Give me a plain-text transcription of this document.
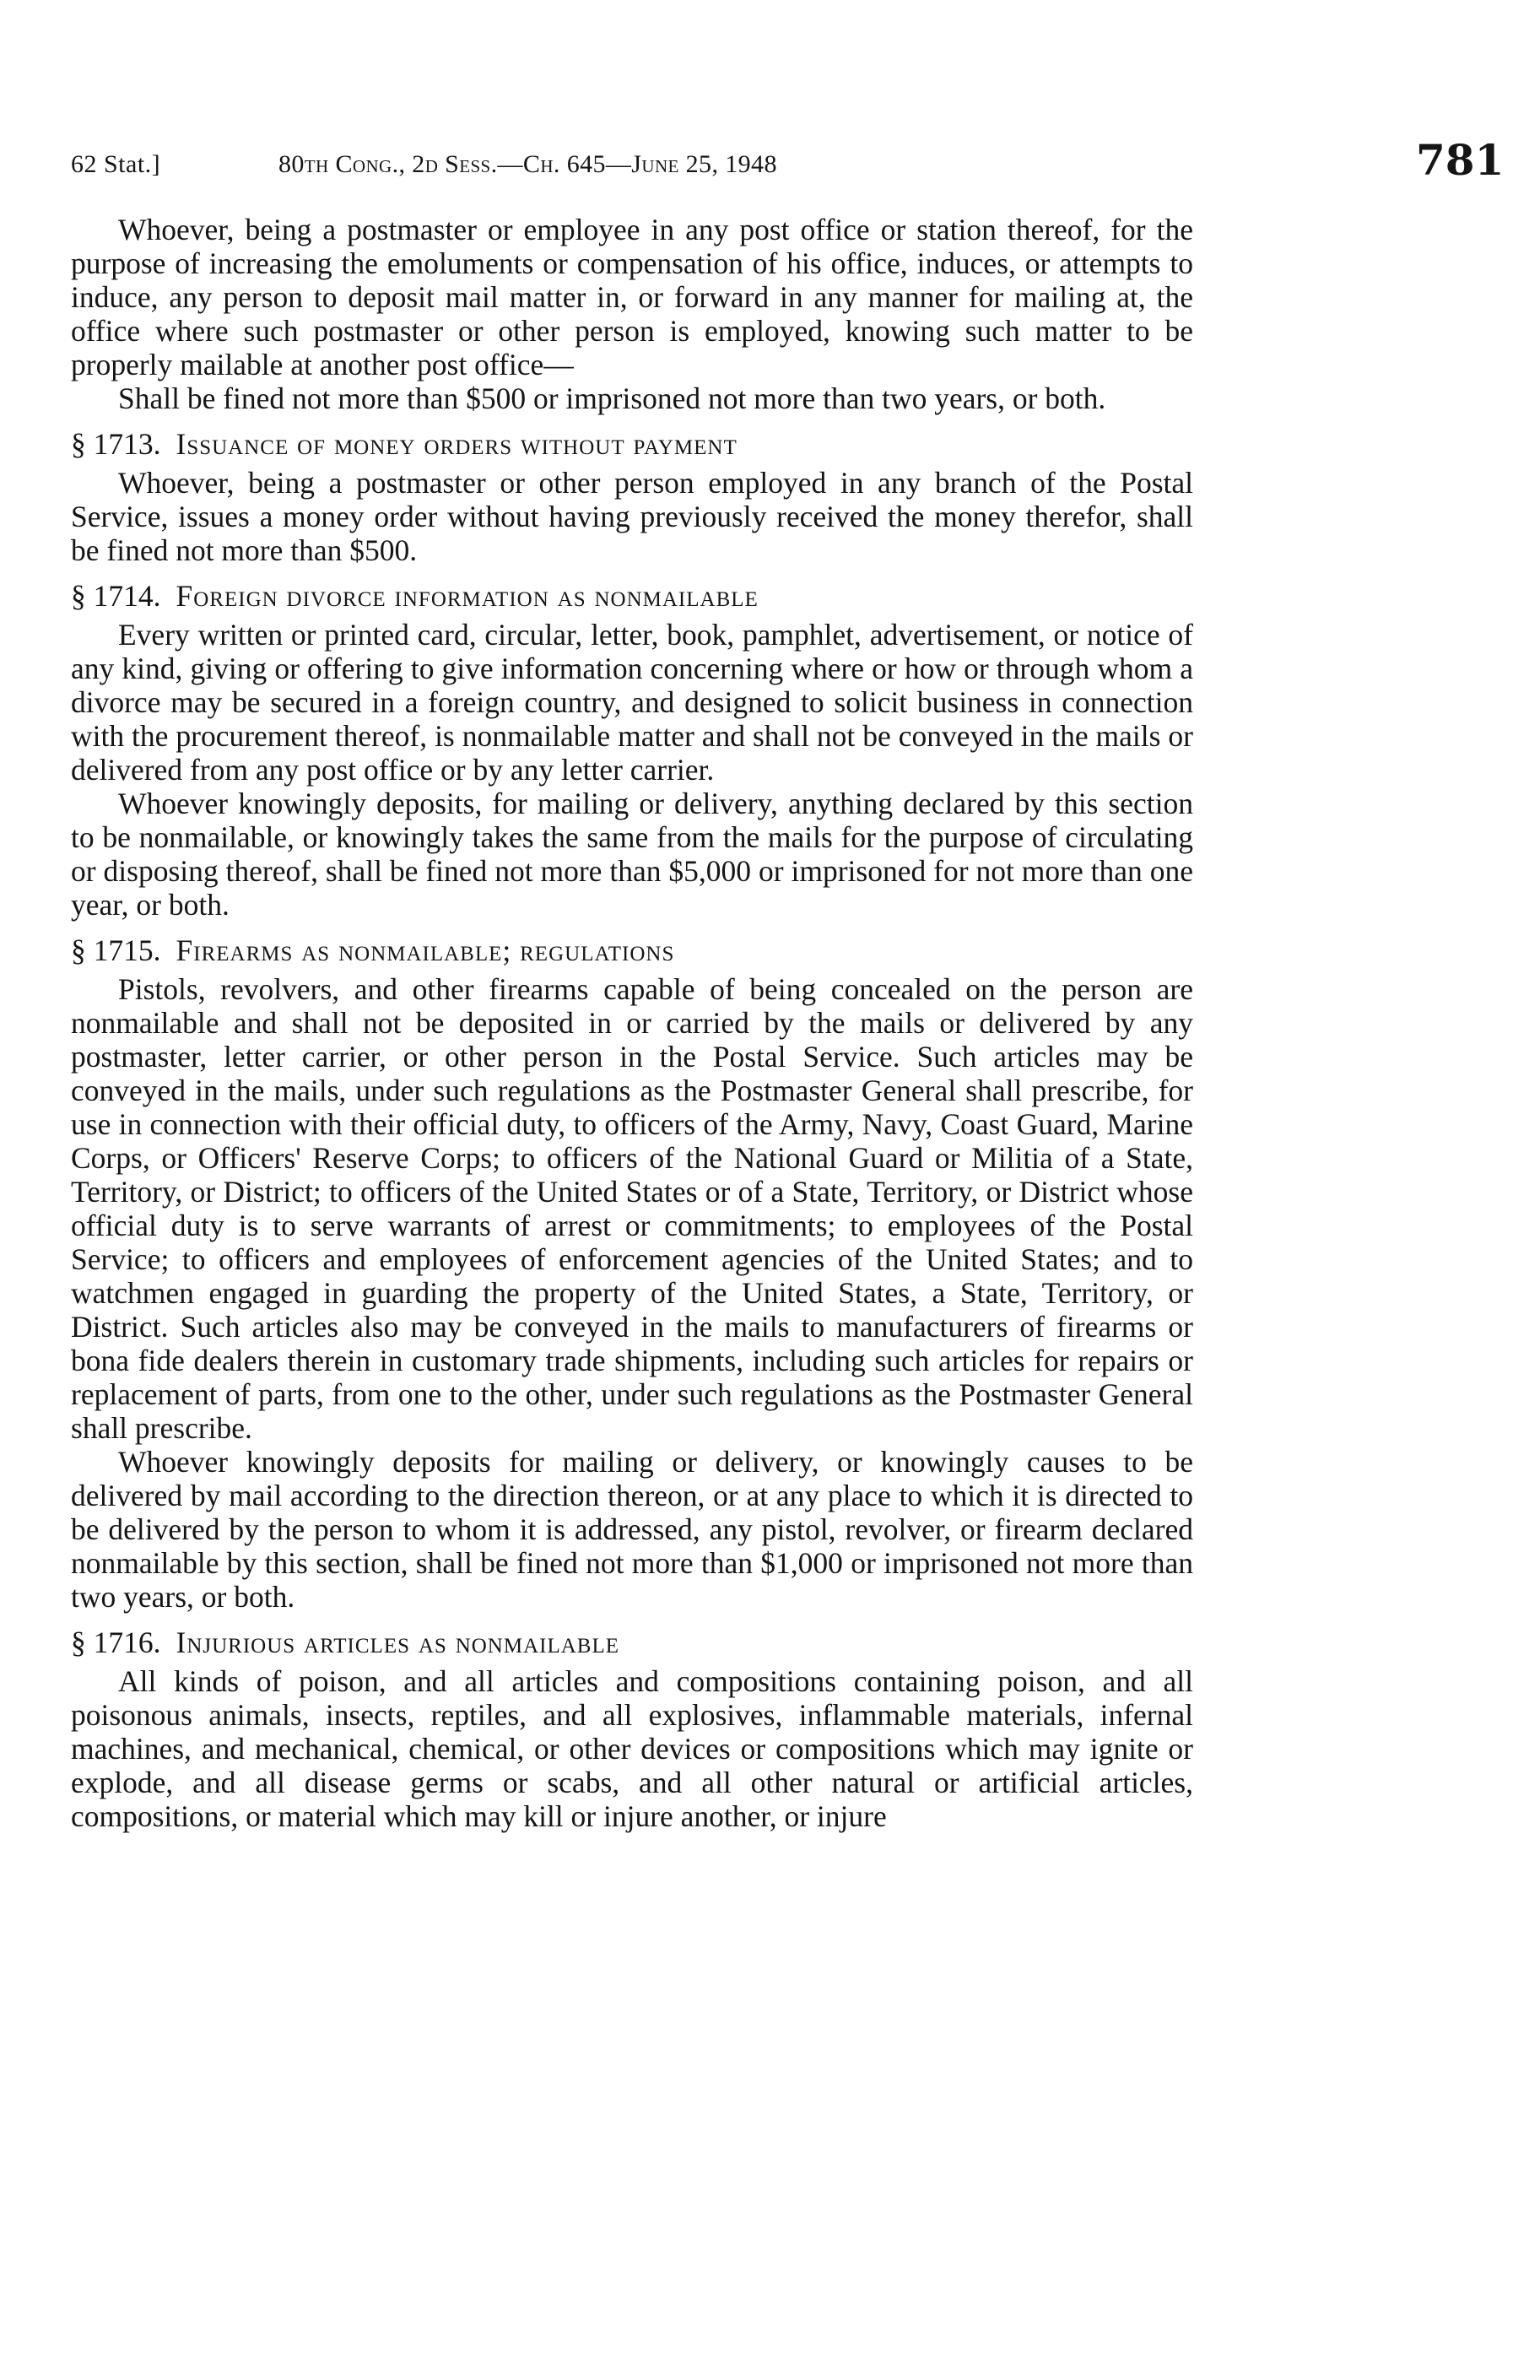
62 Stat.]	80th Cong., 2d Sess.—Ch. 645—June 25, 1948	781

Whoever, being a postmaster or employee in any post office or station thereof, for the purpose of increasing the emoluments or compensation of his office, induces, or attempts to induce, any person to deposit mail matter in, or forward in any manner for mailing at, the office where such postmaster or other person is employed, knowing such matter to be properly mailable at another post office—

Shall be fined not more than $500 or imprisoned not more than two years, or both.

§ 1713. Issuance of money orders without payment

Whoever, being a postmaster or other person employed in any branch of the Postal Service, issues a money order without having previously received the money therefor, shall be fined not more than $500.

§ 1714. Foreign divorce information as nonmailable

Every written or printed card, circular, letter, book, pamphlet, advertisement, or notice of any kind, giving or offering to give information concerning where or how or through whom a divorce may be secured in a foreign country, and designed to solicit business in connection with the procurement thereof, is nonmailable matter and shall not be conveyed in the mails or delivered from any post office or by any letter carrier.

Whoever knowingly deposits, for mailing or delivery, anything declared by this section to be nonmailable, or knowingly takes the same from the mails for the purpose of circulating or disposing thereof, shall be fined not more than $5,000 or imprisoned for not more than one year, or both.

§ 1715. Firearms as nonmailable; regulations

Pistols, revolvers, and other firearms capable of being concealed on the person are nonmailable and shall not be deposited in or carried by the mails or delivered by any postmaster, letter carrier, or other person in the Postal Service. Such articles may be conveyed in the mails, under such regulations as the Postmaster General shall prescribe, for use in connection with their official duty, to officers of the Army, Navy, Coast Guard, Marine Corps, or Officers' Reserve Corps; to officers of the National Guard or Militia of a State, Territory, or District; to officers of the United States or of a State, Territory, or District whose official duty is to serve warrants of arrest or commitments; to employees of the Postal Service; to officers and employees of enforcement agencies of the United States; and to watchmen engaged in guarding the property of the United States, a State, Territory, or District. Such articles also may be conveyed in the mails to manufacturers of firearms or bona fide dealers therein in customary trade shipments, including such articles for repairs or replacement of parts, from one to the other, under such regulations as the Postmaster General shall prescribe.

Whoever knowingly deposits for mailing or delivery, or knowingly causes to be delivered by mail according to the direction thereon, or at any place to which it is directed to be delivered by the person to whom it is addressed, any pistol, revolver, or firearm declared nonmailable by this section, shall be fined not more than $1,000 or imprisoned not more than two years, or both.

§ 1716. Injurious articles as nonmailable

All kinds of poison, and all articles and compositions containing poison, and all poisonous animals, insects, reptiles, and all explosives, inflammable materials, infernal machines, and mechanical, chemical, or other devices or compositions which may ignite or explode, and all disease germs or scabs, and all other natural or artificial articles, compositions, or material which may kill or injure another, or injure
